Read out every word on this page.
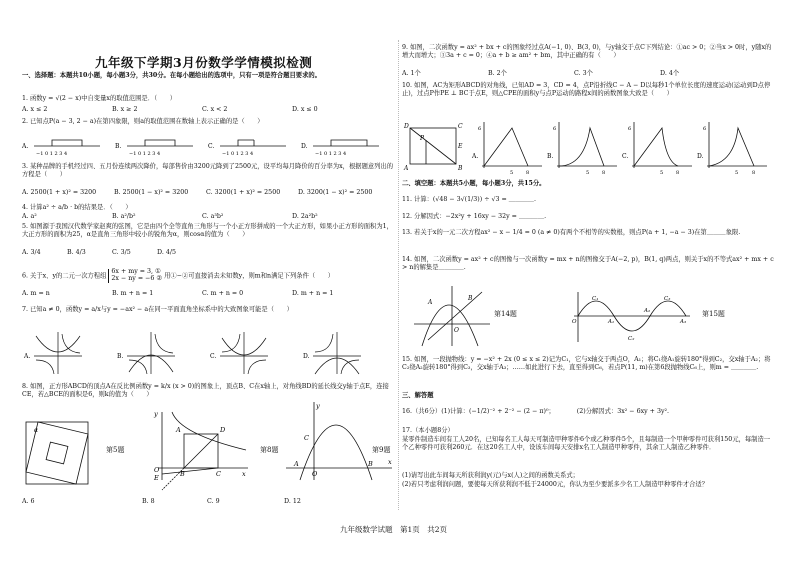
九年级下学期3月份数学学情模拟检测
一、选择题：本题共10小题，每小题3分，共30分。在每小题给出的选项中，只有一项是符合题目要求的。
1. 函数y = √(2 − x)中自变量x的取值范围是．（　　）
A. x ≤ 2	B. x ≥ 2	C. x < 2	D. x ≤ 0
2. 已知点P(a − 3, 2 − a)在第四象限，则a的取值范围在数轴上表示正确的是（　　）
A.	B.	C.	D.
−1 0 1 2 3 4	−1 0 1 2 3 4	−1 0 1 2 3 4	−1 0 1 2 3 4
3. 某种品牌的手机经过四、五月份连续两次降价，每部售价由3200元降到了2500元，设平均每月降价的百分率为x，根据题意列出的方程是（　　）
A. 2500(1 + x)² = 3200	B. 2500(1 − x)² = 3200	C. 3200(1 + x)² = 2500	D. 3200(1 − x)² = 2500
4. 计算a² ÷ a/b · b的结果是．（　　）
A. a²	B. a²/b²	C. a³b²	D. 2a²b²
5. 如图源于我国汉代数学家赵爽的弦图，它是由四个全等直角三角形与一个小正方形拼成的一个大正方形，如果小正方形的面积为1，大正方形的面积为25，α是直角三角形中较小的锐角为α，则cosα的值为（　　）
A. 3/4	B. 4/3	C. 3/5	D. 4/5
6. 关于x、y的二元一次方程组
6x + my = 3, ①
2x − ny = −6 ② 用①−②可直接消去未知数y，则m和n满足下列条件（　　）
A. m = n	B. m + n = 1	C. m + n = 0	D. m + n = 1
7. 已知a ≠ 0，函数y = a/x与y = −ax² − a在同一平面直角坐标系中的大致图象可能是（　　）
A.	B.	C.	D.
8. 如图，正方形ABCD的顶点A在反比例函数y = k/x (x > 0)的图象上，顶点B、C在x轴上，对角线BD的延长线交y轴于点E，连接CE，若△BCE的面积是6，则k的值为（　　）
α
第5题
A	D
B	C
O	x
y
E
第8题
C
A
O
B x
y
第9题
A. 6	B. 8	C. 9	D. 12
9. 如图，二次函数y = ax² + bx + c的图象经过点A(−1, 0)、B(3, 0)，与y轴交于点C下列结论：①ac > 0；②当x > 0时，y随x的增大而增大；③3a + c = 0；④a + b ≥ am² + bm，其中正确的有（　　）
A. 1个	B. 2个	C. 3个	D. 4个
10. 如图，AC为矩形ABCD的对角线，已知AD = 3，CD = 4，点P沿折线C − A − D以每秒1个单位长度的速度运动(运动到D点停止)，过点P作PE ⊥ BC于点E，则△CPE的面积y与点P运动的路程x间的函数图象大致是（　　）
D	C
A	B
P
E
A.	B.	C.	D.
6
5	8
6
5	8
6
5	8
6
5	8
二、填空题：本题共5小题，每小题3分，共15分。
11. 计算：(√48 − 3√(1/3)) ÷ √3 = ＿＿＿＿.
12. 分解因式：−2x²y + 16xy − 32y = ＿＿＿＿.
13. 若关于x的一元二次方程ax² − x − 1/4 = 0 (a ≠ 0)有两个不相等的实数根，则点P(a + 1, −a − 3)在第＿＿＿象限.
14. 如图，二次函数y = ax² + c的图像与一次函数y = mx + n的图像交于A(−2, p)，B(1, q)两点，则关于x的不等式ax² + mx + c > n的解集是＿＿＿＿.
A
B
O
第14题
C₁
C₂
C₃
A₁
A₂
A₃
O
第15题
15. 如图，一段抛物线：y = −x² + 2x (0 ≤ x ≤ 2)记为C₁，它与x轴交于两点O，A₁；将C₁绕A₁旋转180°得到C₂，交x轴于A₂；将C₂绕A₂旋转180°得到C₃，交x轴于A₃；……如此进行下去，直至得到C₆，若点P(11, m)在第6段抛物线C₆上，则m = ＿＿＿＿.
三、解答题
16.（共6分）(1)计算：(−1/2)⁻² + 2⁻² − (2 − π)⁰；　　　　(2)分解因式：3x² − 6xy + 3y².
17.（本小题8分）
某零件制造车间有工人20名，已知每名工人每天可制造甲种零件6个或乙种零件5个，且每制造一个甲种零件可获利150元，每制造一个乙种零件可获利260元．在这20名工人中，设该车间每天安排x名工人制造甲种零件，其余工人制造乙种零件．
(1)请写出此车间每天所获利润y(元)与x(人)之间的函数关系式；
(2)若只考虑利润问题，要使每天所获利润不低于24000元，你认为至少要派多少名工人制造甲种零件才合适？
九年级数学试题　第1页　共2页
